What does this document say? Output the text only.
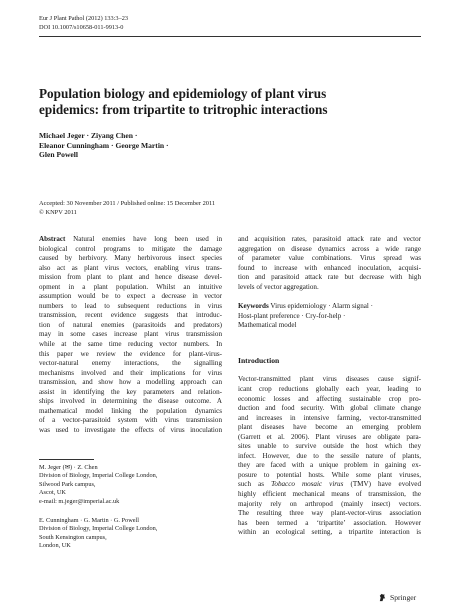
Eur J Plant Pathol (2012) 133:3–23
DOI 10.1007/s10658-011-9913-0
Population biology and epidemiology of plant virus
epidemics: from tripartite to tritrophic interactions
Michael Jeger · Ziyang Chen ·
Eleanor Cunningham · George Martin ·
Glen Powell
Accepted: 30 November 2011 / Published online: 15 December 2011
© KNPV 2011
Abstract Natural enemies have long been used in
biological control programs to mitigate the damage
caused by herbivory. Many herbivorous insect species
also act as plant virus vectors, enabling virus trans-
mission from plant to plant and hence disease devel-
opment in a plant population. Whilst an intuitive
assumption would be to expect a decrease in vector
numbers to lead to subsequent reductions in virus
transmission, recent evidence suggests that introduc-
tion of natural enemies (parasitoids and predators)
may in some cases increase plant virus transmission
while at the same time reducing vector numbers. In
this paper we review the evidence for plant-virus-
vector-natural enemy interactions, the signalling
mechanisms involved and their implications for virus
transmission, and show how a modelling approach can
assist in identifying the key parameters and relation-
ships involved in determining the disease outcome. A
mathematical model linking the population dynamics
of a vector-parasitoid system with virus transmission
was used to investigate the effects of virus inoculation
M. Jeger (✉) · Z. Chen
Division of Biology, Imperial College London,
Silwood Park campus,
Ascot, UK
e-mail: m.jeger@imperial.ac.uk
E. Cunningham · G. Martin · G. Powell
Division of Biology, Imperial College London,
South Kensington campus,
London, UK
and acquisition rates, parasitoid attack rate and vector
aggregation on disease dynamics across a wide range
of parameter value combinations. Virus spread was
found to increase with enhanced inoculation, acquisi-
tion and parasitoid attack rate but decrease with high
levels of vector aggregation.
Keywords Virus epidemiology · Alarm signal ·
Host-plant preference · Cry-for-help ·
Mathematical model
Introduction
Vector-transmitted plant virus diseases cause signif-
icant crop reductions globally each year, leading to
economic losses and affecting sustainable crop pro-
duction and food security. With global climate change
and increases in intensive farming, vector-transmitted
plant diseases have become an emerging problem
(Garrett et al. 2006). Plant viruses are obligate para-
sites unable to survive outside the host which they
infect. However, due to the sessile nature of plants,
they are faced with a unique problem in gaining ex-
posure to potential hosts. While some plant viruses,
such as Tobacco mosaic virus (TMV) have evolved
highly efficient mechanical means of transmission, the
majority rely on arthropod (mainly insect) vectors.
The resulting three way plant-vector-virus association
has been termed a ‘tripartite’ association. However
within an ecological setting, a tripartite interaction is
Springer
